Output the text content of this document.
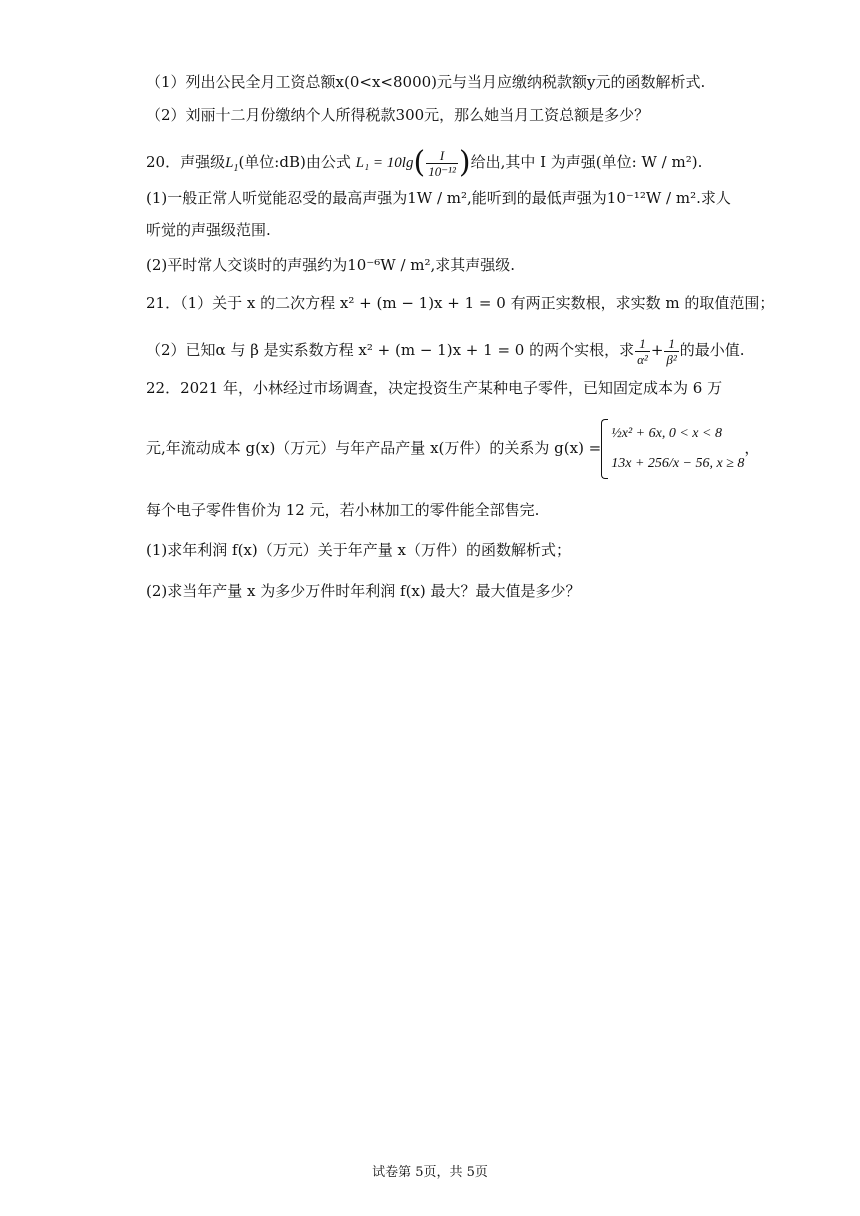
（1）列出公民全月工资总额x(0<x<8000)元与当月应缴纳税款额y元的函数解析式.
（2）刘丽十二月份缴纳个人所得税款300元，那么她当月工资总额是多少？
20．声强级$L_1$(单位:dB)由公式 $L_1 = 10\lg( \frac{I}{\text{10⁻¹²}}$ )给出,其中 I 为声强(单位: W / m²).
(1)一般正常人听觉能忍受的最高声强为1W / m²,能听到的最低声强为10⁻¹²W / m².求人
听觉的声强级范围.
(2)平时常人交谈时的声强约为10⁻⁶W / m²,求其声强级.
21．（1）关于 x 的二次方程 x² + (m − 1)x + 1 = 0 有两正实数根，求实数 m 的取值范围；
（2）已知α 与 β 是实系数方程 x² + (m − 1)x + 1 = 0 的两个实根，求 $\frac{1}{\text{α²}} + \frac{1}{\text{β²}}$ 的最小值.
22．2021 年，小林经过市场调查，决定投资生产某种电子零件，已知固定成本为 6 万
元,年流动成本 g(x)（万元）与年产品产量 x(万件）的关系为 g(x) =
½x² + 6x, 0 < x < 8
13x + 256/x − 56, x ≥ 8
，
每个电子零件售价为 12 元，若小林加工的零件能全部售完.
(1)求年利润 f(x)（万元）关于年产量 x（万件）的函数解析式；
(2)求当年产量 x 为多少万件时年利润 f(x) 最大？最大值是多少？
试卷第 5页，共 5页
